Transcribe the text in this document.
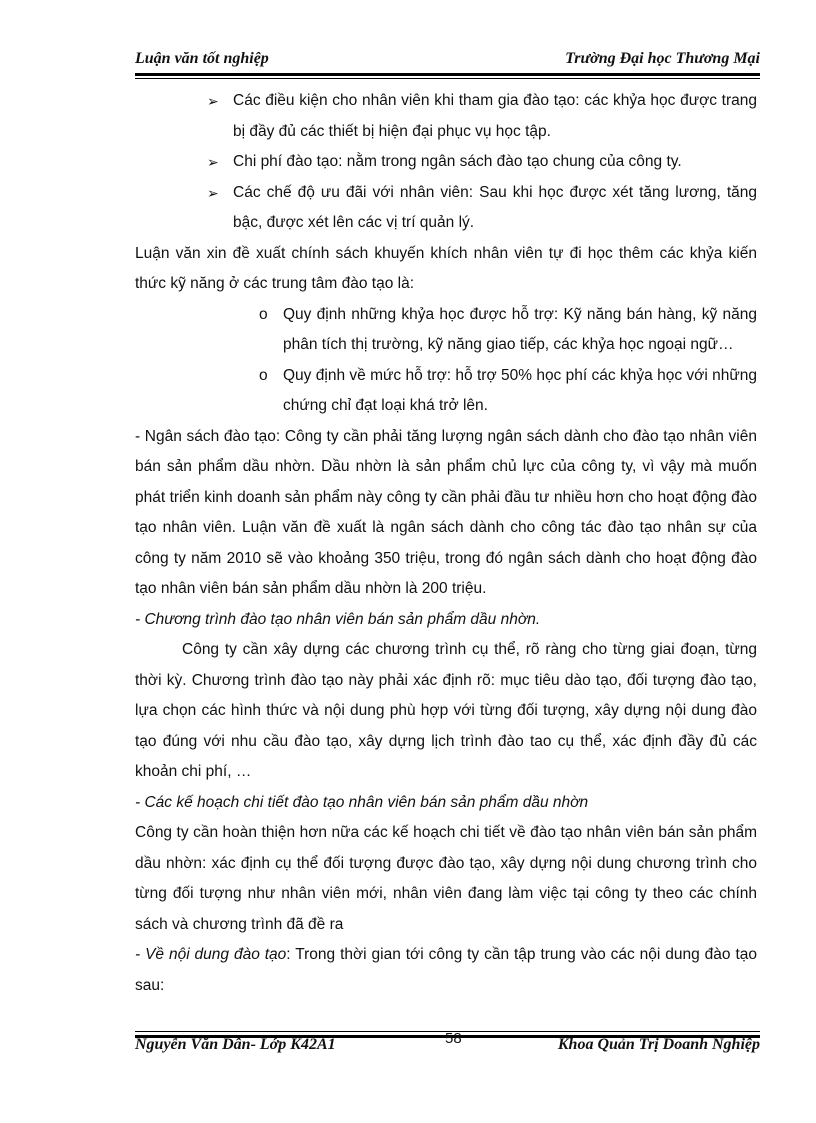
Luận văn tốt nghiệp	Trường Đại học Thương Mại

➢ Các điều kiện cho nhân viên khi tham gia đào tạo: các khỷa học được trang bị đầy đủ các thiết bị hiện đại phục vụ học tập.

➢ Chi phí đào tạo: nằm trong ngân sách đào tạo chung của công ty.

➢ Các chế độ ưu đãi với nhân viên: Sau khi học được xét tăng lương, tăng bậc, được xét lên các vị trí quản lý.

Luận văn xin đề xuất chính sách khuyến khích nhân viên tự đi học thêm các khỷa kiến thức kỹ năng ở các trung tâm đào tạo là:

o Quy định những khỷa học được hỗ trợ: Kỹ năng bán hàng, kỹ năng phân tích thị trường, kỹ năng giao tiếp, các khỷa học ngoại ngữ…

o Quy định về mức hỗ trợ: hỗ trợ 50% học phí các khỷa học với những chứng chỉ đạt loại khá trở lên.

- Ngân sách đào tạo: Công ty cần phải tăng lượng ngân sách dành cho đào tạo nhân viên bán sản phẩm dầu nhờn. Dầu nhờn là sản phẩm chủ lực của công ty, vì vậy mà muốn phát triển kinh doanh sản phẩm này công ty cần phải đầu tư nhiều hơn cho hoạt động đào tạo nhân viên. Luận văn đề xuất là ngân sách dành cho công tác đào tạo nhân sự của công ty năm 2010 sẽ vào khoảng 350 triệu, trong đó ngân sách dành cho hoạt động đào tạo nhân viên bán sản phẩm dầu nhờn là 200 triệu.

- Chương trình đào tạo nhân viên bán sản phẩm dầu nhờn.

Công ty cần xây dựng các chương trình cụ thể, rõ ràng cho từng giai đoạn, từng thời kỳ. Chương trình đào tạo này phải xác định rõ: mục tiêu dào tạo, đối tượng đào tạo, lựa chọn các hình thức và nội dung phù hợp với từng đối tượng, xây dựng nội dung đào tạo đúng với nhu cầu đào tạo, xây dựng lịch trình đào tao cụ thể, xác định đầy đủ các khoản chi phí, …

- Các kế hoạch chi tiết đào tạo nhân viên bán sản phẩm dầu nhờn

Công ty cần hoàn thiện hơn nữa các kế hoạch chi tiết về đào tạo nhân viên bán sản phẩm dầu nhờn: xác định cụ thể đối tượng được đào tạo, xây dựng nội dung chương trình cho từng đối tượng như nhân viên mới, nhân viên đang làm việc tại công ty theo các chính sách và chương trình đã đề ra

- Về nội dung đào tạo: Trong thời gian tới công ty cần tập trung vào các nội dung đào tạo sau:

Nguyễn Văn Dân- Lớp K42A1	58	Khoa Quản Trị Doanh Nghiệp
